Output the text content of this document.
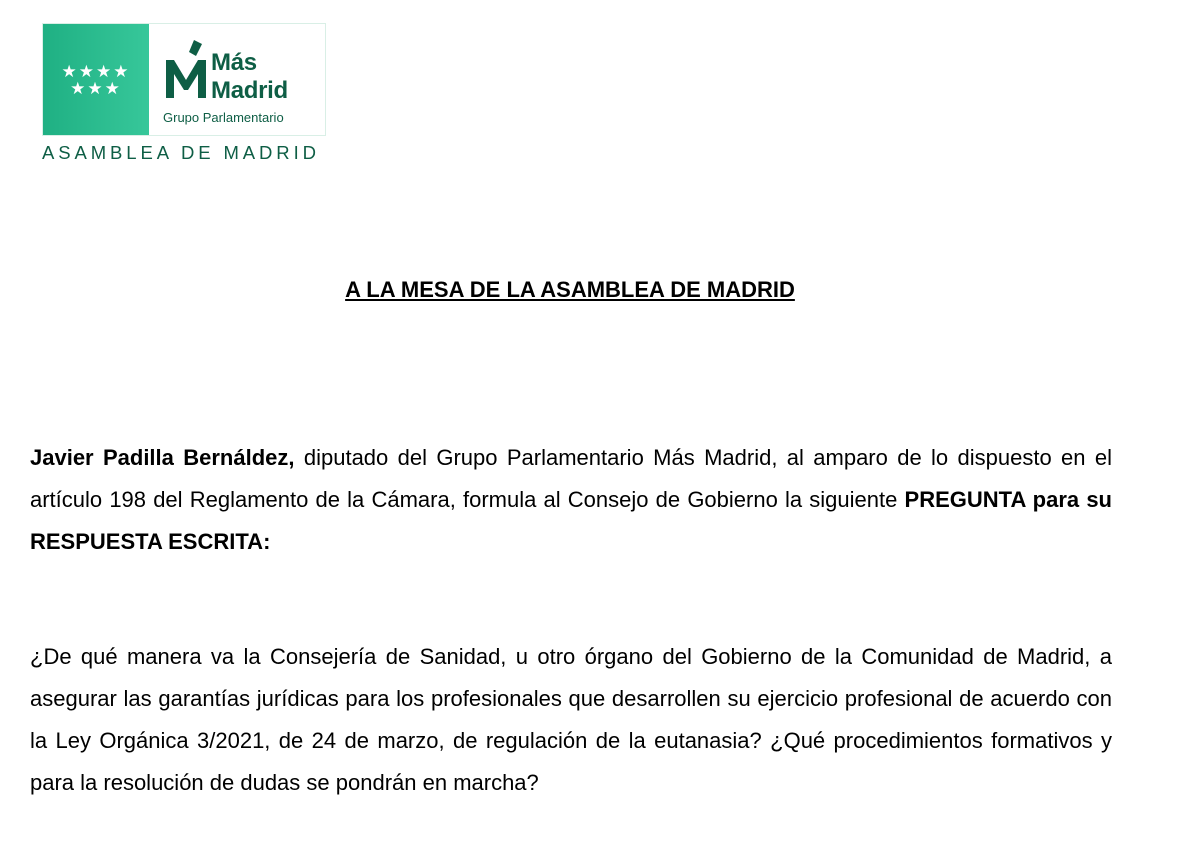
★★★★
★★★
Más
Madrid
Grupo Parlamentario
ASAMBLEA DE MADRID
A LA MESA DE LA ASAMBLEA DE MADRID
Javier Padilla Bernáldez, diputado del Grupo Parlamentario Más Madrid, al amparo de lo dispuesto en el artículo 198 del Reglamento de la Cámara, formula al Consejo de Gobierno la siguiente PREGUNTA para su RESPUESTA ESCRITA:
¿De qué manera va la Consejería de Sanidad, u otro órgano del Gobierno de la Comunidad de Madrid, a asegurar las garantías jurídicas para los profesionales que desarrollen su ejercicio profesional de acuerdo con la Ley Orgánica 3/2021, de 24 de marzo, de regulación de la eutanasia? ¿Qué procedimientos formativos y para la resolución de dudas se pondrán en marcha?
